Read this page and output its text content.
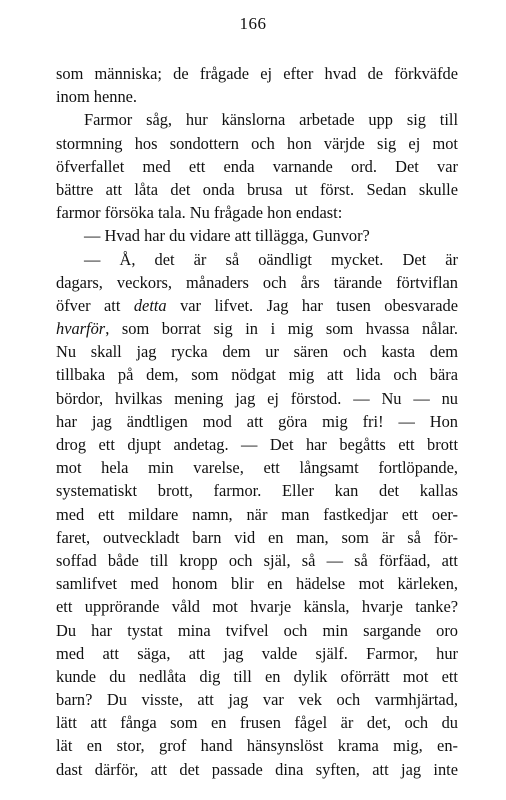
166
som människa; de frågade ej efter hvad de förkväfde
inom henne.
Farmor såg, hur känslorna arbetade upp sig till
stormning hos sondottern och hon värjde sig ej mot
öfverfallet med ett enda varnande ord. Det var
bättre att låta det onda brusa ut först. Sedan skulle
farmor försöka tala. Nu frågade hon endast:
— Hvad har du vidare att tillägga, Gunvor?
— Å, det är så oändligt mycket. Det är
dagars, veckors, månaders och års tärande förtviflan
öfver att detta var lifvet. Jag har tusen obesvarade
hvarför, som borrat sig in i mig som hvassa nålar.
Nu skall jag rycka dem ur sären och kasta dem
tillbaka på dem, som nödgat mig att lida och bära
bördor, hvilkas mening jag ej förstod. — Nu — nu
har jag ändtligen mod att göra mig fri! — Hon
drog ett djupt andetag. — Det har begåtts ett brott
mot hela min varelse, ett långsamt fortlöpande,
systematiskt brott, farmor. Eller kan det kallas
med ett mildare namn, när man fastkedjar ett oer-
faret, outveckladt barn vid en man, som är så för-
soffad både till kropp och själ, så — så förfäad, att
samlifvet med honom blir en hädelse mot kärleken,
ett upprörande våld mot hvarje känsla, hvarje tanke?
Du har tystat mina tvifvel och min sargande oro
med att säga, att jag valde själf. Farmor, hur
kunde du nedlåta dig till en dylik oförrätt mot ett
barn? Du visste, att jag var vek och varmhjärtad,
lätt att fånga som en frusen fågel är det, och du
lät en stor, grof hand hänsynslöst krama mig, en-
dast därför, att det passade dina syften, att jag inte
